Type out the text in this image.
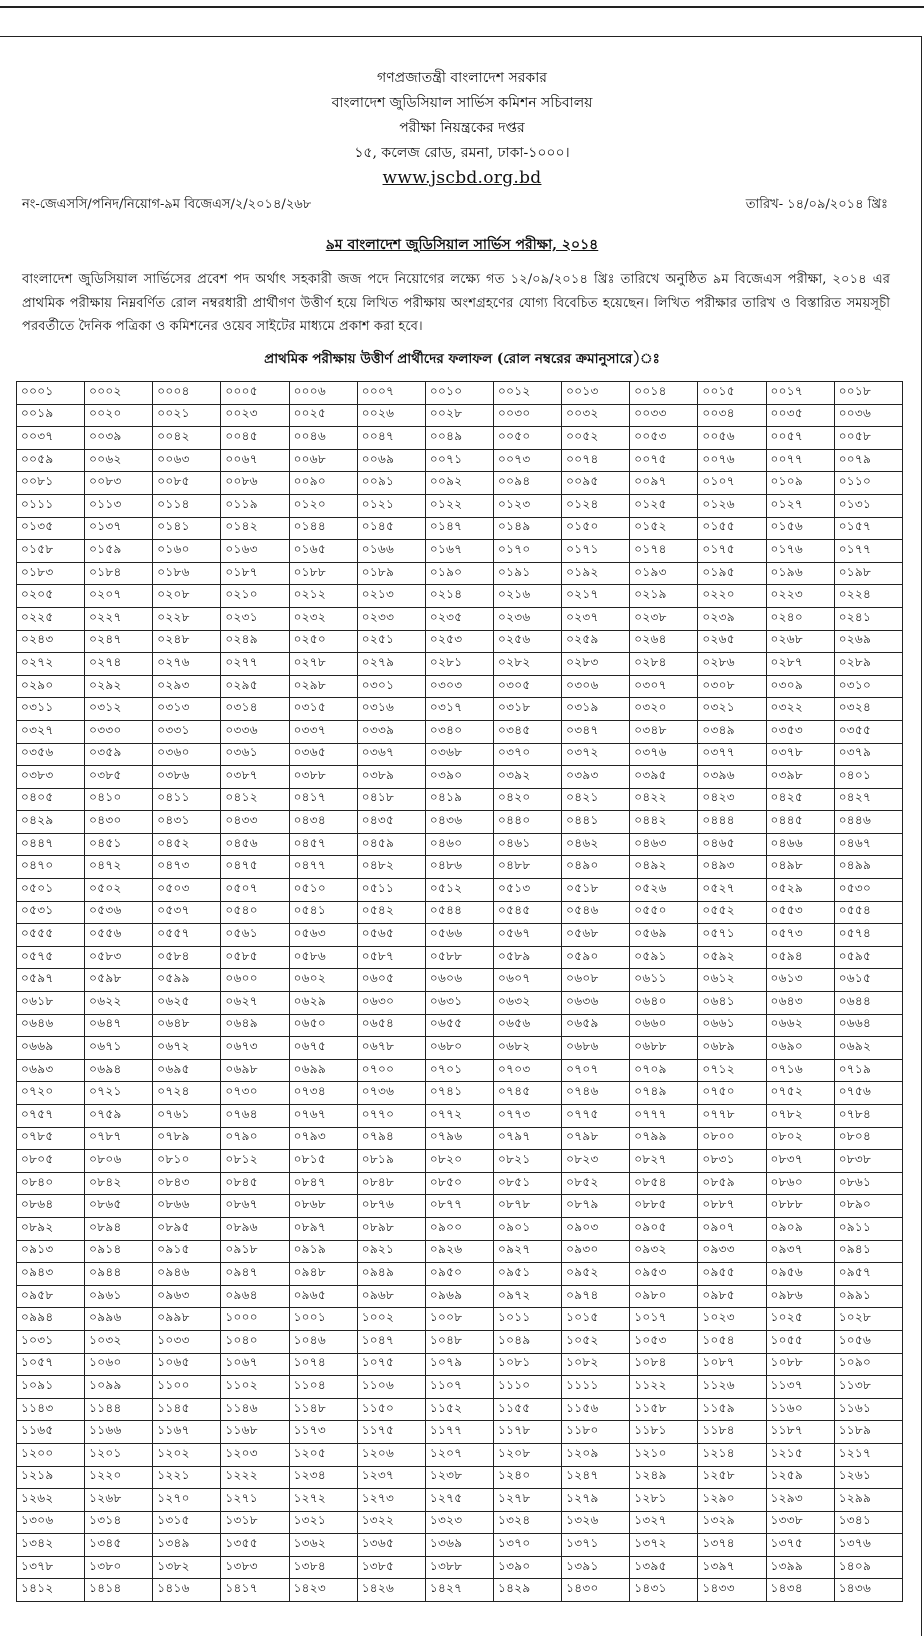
গণপ্রজাতন্ত্রী বাংলাদেশ সরকার
বাংলাদেশ জুডিসিয়াল সার্ভিস কমিশন সচিবালয়
পরীক্ষা নিয়ন্ত্রকের দপ্তর
১৫, কলেজ রোড, রমনা, ঢাকা-১০০০।
www.jscbd.org.bd
নং-জেএসসি/পনিদ/নিয়োগ-৯ম বিজেএস/২/২০১৪/২৬৮	তারিখ- ১৪/০৯/২০১৪ খ্রিঃ
৯ম বাংলাদেশ জুডিসিয়াল সার্ভিস পরীক্ষা, ২০১৪
বাংলাদেশ জুডিসিয়াল সার্ভিসের প্রবেশ পদ অর্থাৎ সহকারী জজ পদে নিয়োগের লক্ষ্যে গত ১২/০৯/২০১৪ খ্রিঃ তারিখে অনুষ্ঠিত ৯ম বিজেএস পরীক্ষা, ২০১৪ এর প্রাথমিক পরীক্ষায় নিম্নবর্ণিত রোল নম্বরধারী প্রার্থীগণ উত্তীর্ণ হয়ে লিখিত পরীক্ষায় অংশগ্রহণের যোগ্য বিবেচিত হয়েছেন। লিখিত পরীক্ষার তারিখ ও বিস্তারিত সময়সূচী পরবর্তীতে দৈনিক পত্রিকা ও কমিশনের ওয়েব সাইটের মাধ্যমে প্রকাশ করা হবে।
প্রাথমিক পরীক্ষায় উত্তীর্ণ প্রার্থীদের ফলাফল (রোল নম্বরের ক্রমানুসারে)ঃ
০০০১	০০০২	০০০৪	০০০৫	০০০৬	০০০৭	০০১০	০০১২	০০১৩	০০১৪	০০১৫	০০১৭	০০১৮
০০১৯	০০২০	০০২১	০০২৩	০০২৫	০০২৬	০০২৮	০০৩০	০০৩২	০০৩৩	০০৩৪	০০৩৫	০০৩৬
০০৩৭	০০৩৯	০০৪২	০০৪৫	০০৪৬	০০৪৭	০০৪৯	০০৫০	০০৫২	০০৫৩	০০৫৬	০০৫৭	০০৫৮
০০৫৯	০০৬২	০০৬৩	০০৬৭	০০৬৮	০০৬৯	০০৭১	০০৭৩	০০৭৪	০০৭৫	০০৭৬	০০৭৭	০০৭৯
০০৮১	০০৮৩	০০৮৫	০০৮৬	০০৯০	০০৯১	০০৯২	০০৯৪	০০৯৫	০০৯৭	০১০৭	০১০৯	০১১০
০১১১	০১১৩	০১১৪	০১১৯	০১২০	০১২১	০১২২	০১২৩	০১২৪	০১২৫	০১২৬	০১২৭	০১৩১
০১৩৫	০১৩৭	০১৪১	০১৪২	০১৪৪	০১৪৫	০১৪৭	০১৪৯	০১৫০	০১৫২	০১৫৫	০১৫৬	০১৫৭
০১৫৮	০১৫৯	০১৬০	০১৬৩	০১৬৫	০১৬৬	০১৬৭	০১৭০	০১৭১	০১৭৪	০১৭৫	০১৭৬	০১৭৭
০১৮৩	০১৮৪	০১৮৬	০১৮৭	০১৮৮	০১৮৯	০১৯০	০১৯১	০১৯২	০১৯৩	০১৯৫	০১৯৬	০১৯৮
০২০৫	০২০৭	০২০৮	০২১০	০২১২	০২১৩	০২১৪	০২১৬	০২১৭	০২১৯	০২২০	০২২৩	০২২৪
০২২৫	০২২৭	০২২৮	০২৩১	০২৩২	০২৩৩	০২৩৫	০২৩৬	০২৩৭	০২৩৮	০২৩৯	০২৪০	০২৪১
০২৪৩	০২৪৭	০২৪৮	০২৪৯	০২৫০	০২৫১	০২৫৩	০২৫৬	০২৫৯	০২৬৪	০২৬৫	০২৬৮	০২৬৯
০২৭২	০২৭৪	০২৭৬	০২৭৭	০২৭৮	০২৭৯	০২৮১	০২৮২	০২৮৩	০২৮৪	০২৮৬	০২৮৭	০২৮৯
০২৯০	০২৯২	০২৯৩	০২৯৫	০২৯৮	০৩০১	০৩০৩	০৩০৫	০৩০৬	০৩০৭	০৩০৮	০৩০৯	০৩১০
০৩১১	০৩১২	০৩১৩	০৩১৪	০৩১৫	০৩১৬	০৩১৭	০৩১৮	০৩১৯	০৩২০	০৩২১	০৩২২	০৩২৪
০৩২৭	০৩৩০	০৩৩১	০৩৩৬	০৩৩৭	০৩৩৯	০৩৪০	০৩৪৫	০৩৪৭	০৩৪৮	০৩৪৯	০৩৫৩	০৩৫৫
০৩৫৬	০৩৫৯	০৩৬০	০৩৬১	০৩৬৫	০৩৬৭	০৩৬৮	০৩৭০	০৩৭২	০৩৭৬	০৩৭৭	০৩৭৮	০৩৭৯
০৩৮৩	০৩৮৫	০৩৮৬	০৩৮৭	০৩৮৮	০৩৮৯	০৩৯০	০৩৯২	০৩৯৩	০৩৯৫	০৩৯৬	০৩৯৮	০৪০১
০৪০৫	০৪১০	০৪১১	০৪১২	০৪১৭	০৪১৮	০৪১৯	০৪২০	০৪২১	০৪২২	০৪২৩	০৪২৫	০৪২৭
০৪২৯	০৪৩০	০৪৩১	০৪৩৩	০৪৩৪	০৪৩৫	০৪৩৬	০৪৪০	০৪৪১	০৪৪২	০৪৪৪	০৪৪৫	০৪৪৬
০৪৪৭	০৪৫১	০৪৫২	০৪৫৬	০৪৫৭	০৪৫৯	০৪৬০	০৪৬১	০৪৬২	০৪৬৩	০৪৬৫	০৪৬৬	০৪৬৭
০৪৭০	০৪৭২	০৪৭৩	০৪৭৫	০৪৭৭	০৪৮২	০৪৮৬	০৪৮৮	০৪৯০	০৪৯২	০৪৯৩	০৪৯৮	০৪৯৯
০৫০১	০৫০২	০৫০৩	০৫০৭	০৫১০	০৫১১	০৫১২	০৫১৩	০৫১৮	০৫২৬	০৫২৭	০৫২৯	০৫৩০
০৫৩১	০৫৩৬	০৫৩৭	০৫৪০	০৫৪১	০৫৪২	০৫৪৪	০৫৪৫	০৫৪৬	০৫৫০	০৫৫২	০৫৫৩	০৫৫৪
০৫৫৫	০৫৫৬	০৫৫৭	০৫৬১	০৫৬৩	০৫৬৫	০৫৬৬	০৫৬৭	০৫৬৮	০৫৬৯	০৫৭১	০৫৭৩	০৫৭৪
০৫৭৫	০৫৮৩	০৫৮৪	০৫৮৫	০৫৮৬	০৫৮৭	০৫৮৮	০৫৮৯	০৫৯০	০৫৯১	০৫৯২	০৫৯৪	০৫৯৫
০৫৯৭	০৫৯৮	০৫৯৯	০৬০০	০৬০২	০৬০৫	০৬০৬	০৬০৭	০৬০৮	০৬১১	০৬১২	০৬১৩	০৬১৫
০৬১৮	০৬২২	০৬২৫	০৬২৭	০৬২৯	০৬৩০	০৬৩১	০৬৩২	০৬৩৬	০৬৪০	০৬৪১	০৬৪৩	০৬৪৪
০৬৪৬	০৬৪৭	০৬৪৮	০৬৪৯	০৬৫০	০৬৫৪	০৬৫৫	০৬৫৬	০৬৫৯	০৬৬০	০৬৬১	০৬৬২	০৬৬৪
০৬৬৯	০৬৭১	০৬৭২	০৬৭৩	০৬৭৫	০৬৭৮	০৬৮০	০৬৮২	০৬৮৬	০৬৮৮	০৬৮৯	০৬৯০	০৬৯২
০৬৯৩	০৬৯৪	০৬৯৫	০৬৯৮	০৬৯৯	০৭০০	০৭০১	০৭০৩	০৭০৭	০৭০৯	০৭১২	০৭১৬	০৭১৯
০৭২০	০৭২১	০৭২৪	০৭৩০	০৭৩৪	০৭৩৬	০৭৪১	০৭৪৫	০৭৪৬	০৭৪৯	০৭৫০	০৭৫২	০৭৫৬
০৭৫৭	০৭৫৯	০৭৬১	০৭৬৪	০৭৬৭	০৭৭০	০৭৭২	০৭৭৩	০৭৭৫	০৭৭৭	০৭৭৮	০৭৮২	০৭৮৪
০৭৮৫	০৭৮৭	০৭৮৯	০৭৯০	০৭৯৩	০৭৯৪	০৭৯৬	০৭৯৭	০৭৯৮	০৭৯৯	০৮০০	০৮০২	০৮০৪
০৮০৫	০৮০৬	০৮১০	০৮১২	০৮১৫	০৮১৯	০৮২০	০৮২১	০৮২৩	০৮২৭	০৮৩১	০৮৩৭	০৮৩৮
০৮৪০	০৮৪২	০৮৪৩	০৮৪৫	০৮৪৭	০৮৪৮	০৮৫০	০৮৫১	০৮৫২	০৮৫৪	০৮৫৯	০৮৬০	০৮৬১
০৮৬৪	০৮৬৫	০৮৬৬	০৮৬৭	০৮৬৮	০৮৭৬	০৮৭৭	০৮৭৮	০৮৭৯	০৮৮৫	০৮৮৭	০৮৮৮	০৮৯০
০৮৯২	০৮৯৪	০৮৯৫	০৮৯৬	০৮৯৭	০৮৯৮	০৯০০	০৯০১	০৯০৩	০৯০৫	০৯০৭	০৯০৯	০৯১১
০৯১৩	০৯১৪	০৯১৫	০৯১৮	০৯১৯	০৯২১	০৯২৬	০৯২৭	০৯৩০	০৯৩২	০৯৩৩	০৯৩৭	০৯৪১
০৯৪৩	০৯৪৪	০৯৪৬	০৯৪৭	০৯৪৮	০৯৪৯	০৯৫০	০৯৫১	০৯৫২	০৯৫৩	০৯৫৫	০৯৫৬	০৯৫৭
০৯৫৮	০৯৬১	০৯৬৩	০৯৬৪	০৯৬৫	০৯৬৮	০৯৬৯	০৯৭২	০৯৭৪	০৯৮০	০৯৮৫	০৯৮৬	০৯৯১
০৯৯৪	০৯৯৬	০৯৯৮	১০০০	১০০১	১০০২	১০০৮	১০১১	১০১৫	১০১৭	১০২৩	১০২৫	১০২৮
১০৩১	১০৩২	১০৩৩	১০৪০	১০৪৬	১০৪৭	১০৪৮	১০৪৯	১০৫২	১০৫৩	১০৫৪	১০৫৫	১০৫৬
১০৫৭	১০৬০	১০৬৫	১০৬৭	১০৭৪	১০৭৫	১০৭৯	১০৮১	১০৮২	১০৮৪	১০৮৭	১০৮৮	১০৯০
১০৯১	১০৯৯	১১০০	১১০২	১১০৪	১১০৬	১১০৭	১১১০	১১১১	১১২২	১১২৬	১১৩৭	১১৩৮
১১৪৩	১১৪৪	১১৪৫	১১৪৬	১১৪৮	১১৫০	১১৫২	১১৫৫	১১৫৬	১১৫৮	১১৫৯	১১৬০	১১৬১
১১৬৫	১১৬৬	১১৬৭	১১৬৮	১১৭৩	১১৭৫	১১৭৭	১১৭৮	১১৮০	১১৮১	১১৮৪	১১৮৭	১১৮৯
১২০০	১২০১	১২০২	১২০৩	১২০৫	১২০৬	১২০৭	১২০৮	১২০৯	১২১০	১২১৪	১২১৫	১২১৭
১২১৯	১২২০	১২২১	১২২২	১২৩৪	১২৩৭	১২৩৮	১২৪০	১২৪৭	১২৪৯	১২৫৮	১২৫৯	১২৬১
১২৬২	১২৬৮	১২৭০	১২৭১	১২৭২	১২৭৩	১২৭৫	১২৭৮	১২৭৯	১২৮১	১২৯০	১২৯৩	১২৯৯
১৩০৬	১৩১৪	১৩১৫	১৩১৮	১৩২১	১৩২২	১৩২৩	১৩২৪	১৩২৬	১৩২৭	১৩২৯	১৩৩৮	১৩৪১
১৩৪২	১৩৪৫	১৩৪৯	১৩৫৫	১৩৬২	১৩৬৫	১৩৬৯	১৩৭০	১৩৭১	১৩৭২	১৩৭৪	১৩৭৫	১৩৭৬
১৩৭৮	১৩৮০	১৩৮২	১৩৮৩	১৩৮৪	১৩৮৫	১৩৮৮	১৩৯০	১৩৯১	১৩৯৫	১৩৯৭	১৩৯৯	১৪০৯
১৪১২	১৪১৪	১৪১৬	১৪১৭	১৪২৩	১৪২৬	১৪২৭	১৪২৯	১৪৩০	১৪৩১	১৪৩৩	১৪৩৪	১৪৩৬
